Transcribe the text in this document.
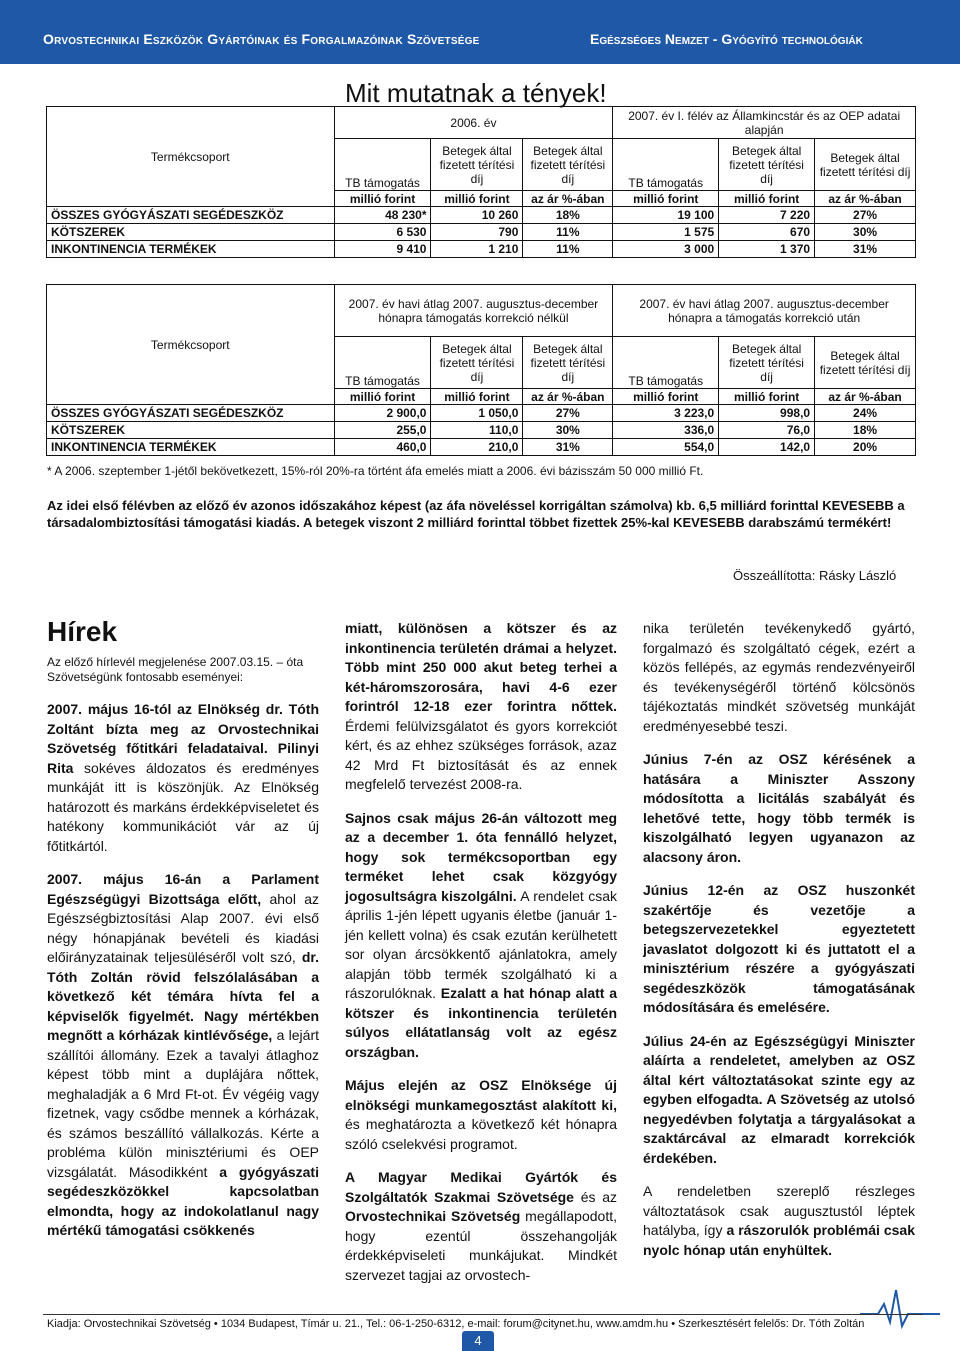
Orvostechnikai Eszközök Gyártóinak és Forgalmazóinak Szövetsége	Egészséges Nemzet - Gyógyító technológiák
Mit mutatnak a tények!
Termékcsoport	2006. év			2007. év I. félév az Államkincstár és az OEP adatai alapján		
	TB támogatás	Betegek által fizetett térítési díj	Betegek által fizetett térítési díj	TB támogatás	Betegek által fizetett térítési díj	Betegek által fizetett térítési díj
	millió forint	millió forint	az ár %-ában	millió forint	millió forint	az ár %-ában
ÖSSZES GYÓGYÁSZATI SEGÉDESZKÖZ	48 230*	10 260	18%	19 100	7 220	27%
KÖTSZEREK	6 530	790	11%	1 575	670	30%
INKONTINENCIA TERMÉKEK	9 410	1 210	11%	3 000	1 370	31%
Termékcsoport	2007. év havi átlag 2007. augusztus-december hónapra támogatás korrekció nélkül			2007. év havi átlag 2007. augusztus-december hónapra a támogatás korrekció után		
	TB támogatás	Betegek által fizetett térítési díj	Betegek által fizetett térítési díj	TB támogatás	Betegek által fizetett térítési díj	Betegek által fizetett térítési díj
	millió forint	millió forint	az ár %-ában	millió forint	millió forint	az ár %-ában
ÖSSZES GYÓGYÁSZATI SEGÉDESZKÖZ	2 900,0	1 050,0	27%	3 223,0	998,0	24%
KÖTSZEREK	255,0	110,0	30%	336,0	76,0	18%
INKONTINENCIA TERMÉKEK	460,0	210,0	31%	554,0	142,0	20%
* A 2006. szeptember 1-jétől bekövetkezett, 15%-ról 20%-ra történt áfa emelés miatt a 2006. évi bázisszám 50 000 millió Ft.
Az idei első félévben az előző év azonos időszakához képest (az áfa növeléssel korrigáltan számolva) kb. 6,5 milliárd forinttal KEVESEBB a társadalombiztosítási támogatási kiadás. A betegek viszont 2 milliárd forinttal többet fizettek 25%-kal KEVESEBB darabszámú termékért!
Összeállította: Rásky László
Hírek
Az előző hírlevél megjelenése 2007.03.15. – óta Szövetségünk fontosabb eseményei:

2007. május 16-tól az Elnökség dr. Tóth Zoltánt bízta meg az Orvostechnikai Szövetség főtitkári feladataival. Pilinyi Rita sokéves áldozatos és eredményes munkáját itt is köszönjük. Az Elnökség határozott és markáns érdekképviseletet és hatékony kommunikációt vár az új főtitkártól.

2007. május 16-án a Parlament Egészségügyi Bizottsága előtt, ahol az Egészségbiztosítási Alap 2007. évi első négy hónapjának bevételi és kiadási előirányzatainak teljesüléséről volt szó, dr. Tóth Zoltán rövid felszólalásában a következő két témára hívta fel a képviselők figyelmét. Nagy mértékben megnőtt a kórházak kintlévősége, a lejárt szállítói állomány. Ezek a tavalyi átlaghoz képest több mint a duplájára nőttek, meghaladják a 6 Mrd Ft-ot. Év végéig vagy fizetnek, vagy csődbe mennek a kórházak, és számos beszállító vállalkozás. Kérte a probléma külön minisztériumi és OEP vizsgálatát. Másodikként a gyógyászati segédeszközökkel kapcsolatban elmondta, hogy az indokolatlanul nagy mértékű támogatási csökkenés

miatt, különösen a kötszer és az inkontinencia területén drámai a helyzet. Több mint 250 000 akut beteg terhei a két-háromszorosára, havi 4-6 ezer forintról 12-18 ezer forintra nőttek. Érdemi felülvizsgálatot és gyors korrekciót kért, és az ehhez szükséges források, azaz 42 Mrd Ft biztosítását és az ennek megfelelő tervezést 2008-ra.

Sajnos csak május 26-án változott meg az a december 1. óta fennálló helyzet, hogy sok termékcsoportban egy terméket lehet csak közgyógy jogosultságra kiszolgálni. A rendelet csak április 1-jén lépett ugyanis életbe (január 1-jén kellett volna) és csak ezután kerülhetett sor olyan árcsökkentő ajánlatokra, amely alapján több termék szolgálható ki a rászorulóknak. Ezalatt a hat hónap alatt a kötszer és inkontinencia területén súlyos ellátatlanság volt az egész országban.

Május elején az OSZ Elnöksége új elnökségi munkamegosztást alakított ki, és meghatározta a következő két hónapra szóló cselekvési programot.

A Magyar Medikai Gyártók és Szolgáltatók Szakmai Szövetsége és az Orvostechnikai Szövetség megállapodott, hogy ezentúl összehangolják érdekképviseleti munkájukat. Mindkét szervezet tagjai az orvostech-

nika területén tevékenykedő gyártó, forgalmazó és szolgáltató cégek, ezért a közös fellépés, az egymás rendezvényeiről és tevékenységéről történő kölcsönös tájékoztatás mindkét szövetség munkáját eredményesebbé teszi.

Június 7-én az OSZ kérésének a hatására a Miniszter Asszony módosította a licitálás szabályát és lehetővé tette, hogy több termék is kiszolgálható legyen ugyanazon az alacsony áron.

Június 12-én az OSZ huszonkét szakértője és vezetője a betegszervezetekkel egyeztetett javaslatot dolgozott ki és juttatott el a minisztérium részére a gyógyászati segédeszközök támogatásának módosítására és emelésére.

Július 24-én az Egészségügyi Miniszter aláírta a rendeletet, amelyben az OSZ által kért változtatásokat szinte egy az egyben elfogadta. A Szövetség az utolsó negyedévben folytatja a tárgyalásokat a szaktárcával az elmaradt korrekciók érdekében.

A rendeletben szereplő részleges változtatások csak augusztustól léptek hatályba, így a rászorulók problémái csak nyolc hónap után enyhültek.

Kiadja: Orvostechnikai Szövetség • 1034 Budapest, Tímár u. 21., Tel.: 06-1-250-6312, e-mail: forum@citynet.hu, www.amdm.hu • Szerkesztésért felelős: Dr. Tóth Zoltán
4
